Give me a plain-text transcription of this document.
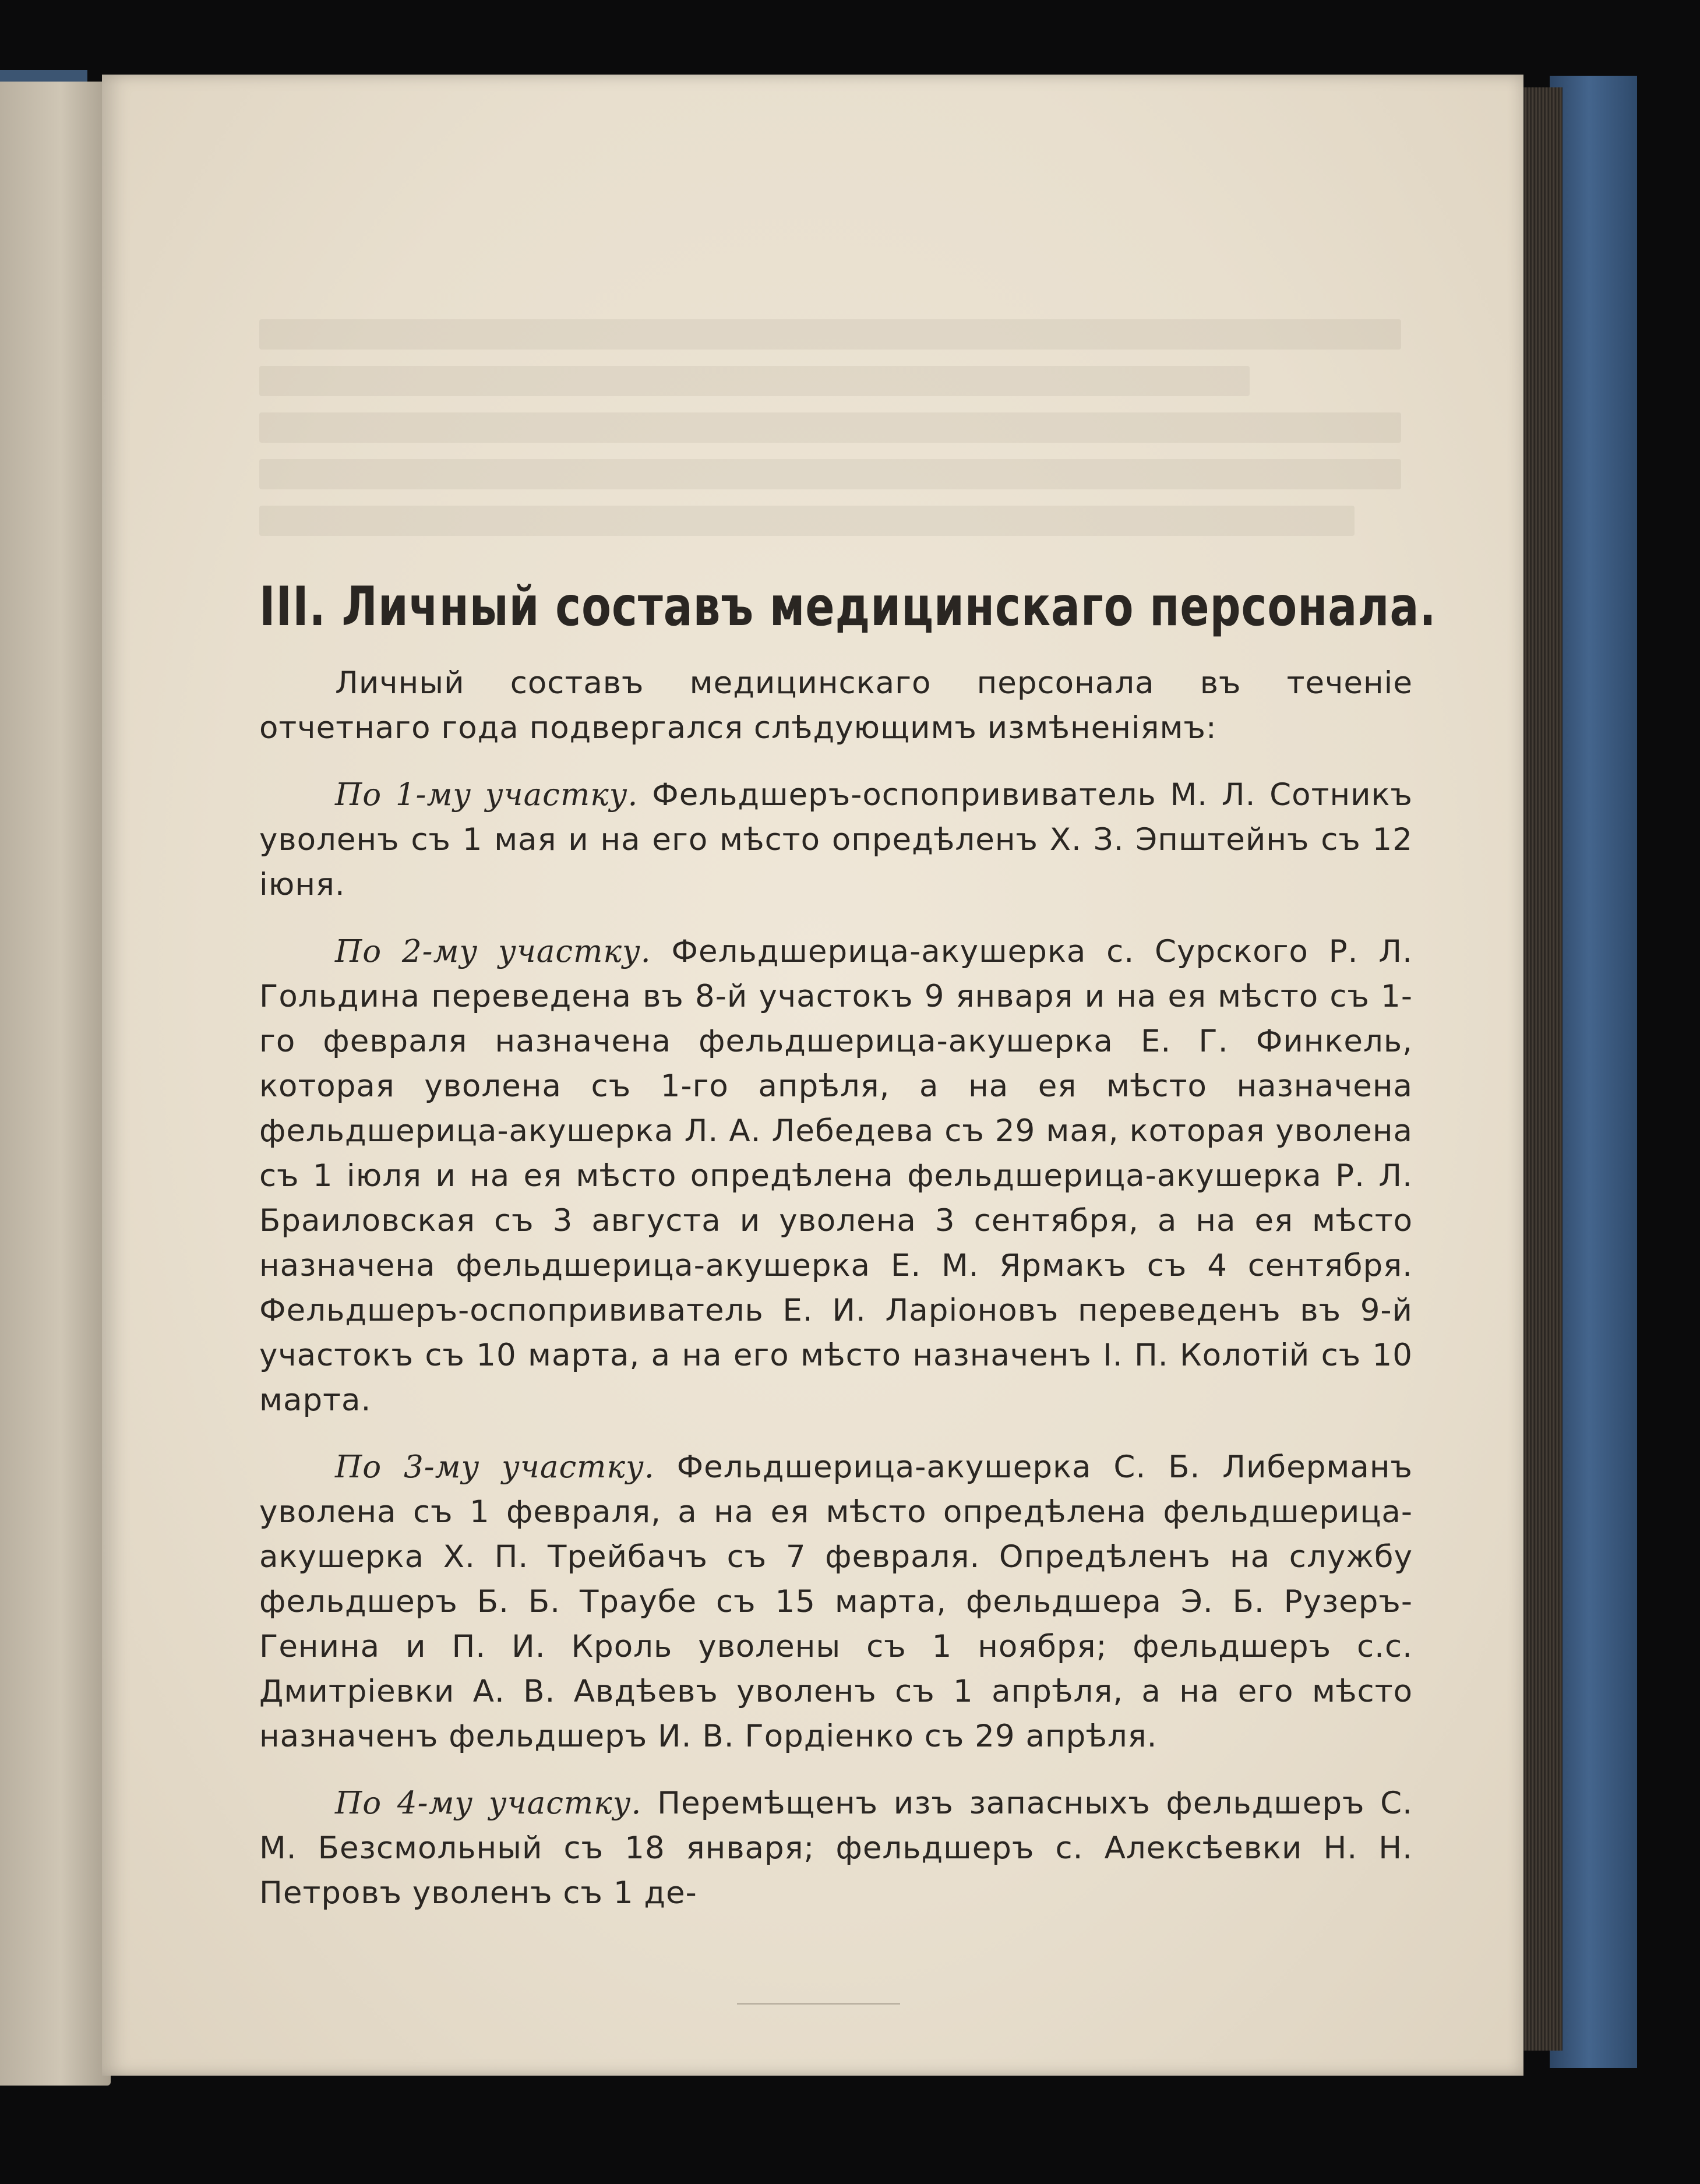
III. Личный составъ медицинскаго персонала.

Личный составъ медицинскаго персонала въ теченіе отчетнаго года подвергался слѣдующимъ измѣненіямъ:

По 1-му участку. Фельдшеръ-оспопрививатель М. Л. Сотникъ уволенъ съ 1 мая и на его мѣсто опредѣленъ Х. З. Эпштейнъ съ 12 іюня.

По 2-му участку. Фельдшерица-акушерка с. Сурского Р. Л. Гольдина переведена въ 8-й участокъ 9 января и на ея мѣсто съ 1-го февраля назначена фельдшерица-акушерка Е. Г. Финкель, которая уволена съ 1-го апрѣля, а на ея мѣсто назначена фельдшерица-акушерка Л. А. Лебедева съ 29 мая, которая уволена съ 1 іюля и на ея мѣсто опредѣлена фельдшерица-акушерка Р. Л. Браиловская съ 3 августа и уволена 3 сентября, а на ея мѣсто назначена фельдшерица-акушерка Е. М. Ярмакъ съ 4 сентября. Фельдшеръ-оспопрививатель Е. И. Ларіоновъ переведенъ въ 9-й участокъ съ 10 марта, а на его мѣсто назначенъ І. П. Колотій съ 10 марта.

По 3-му участку. Фельдшерица-акушерка С. Б. Либерманъ уволена съ 1 февраля, а на ея мѣсто опредѣлена фельдшерица-акушерка Х. П. Трейбачъ съ 7 февраля. Опредѣленъ на службу фельдшеръ Б. Б. Траубе съ 15 марта, фельдшера Э. Б. Рузеръ-Генина и П. И. Кроль уволены съ 1 ноября; фельдшеръ с.с. Дмитріевки А. В. Авдѣевъ уволенъ съ 1 апрѣля, а на его мѣсто назначенъ фельдшеръ И. В. Гордіенко съ 29 апрѣля.

По 4-му участку. Перемѣщенъ изъ запасныхъ фельдшеръ С. М. Безсмольный съ 18 января; фельдшеръ с. Алексѣевки Н. Н. Петровъ уволенъ съ 1 де-
